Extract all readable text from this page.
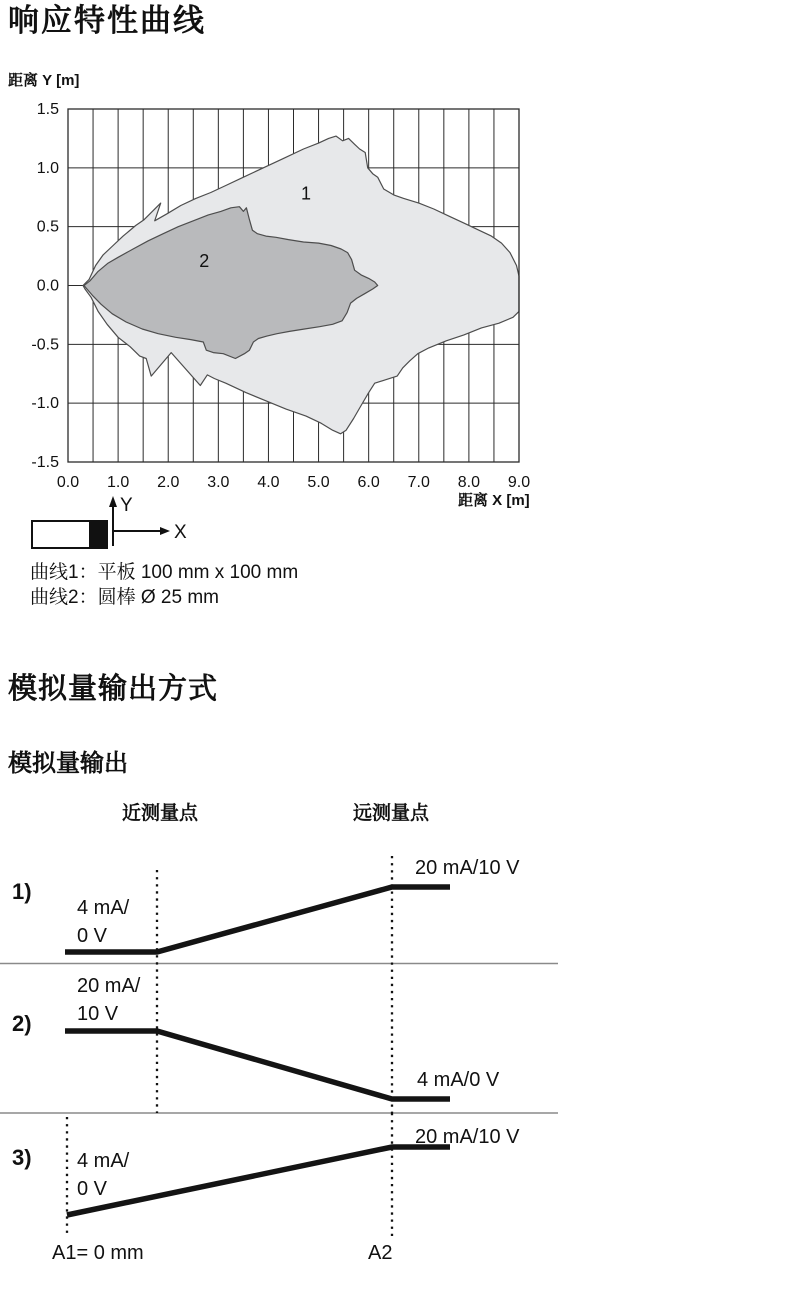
1
2
0.0 1.0 2.0 3.0 4.0 5.0 6.0 7.0 8.0 9.0
1.5
1.0
0.5
0.0
-0.5
-1.0
-1.5
距离 X [m]
Y
X
响应特性曲线
距离 Y [m]
曲线1：平板 100 mm x 100 mm
曲线2：圆棒 Ø 25 mm
模拟量输出方式
模拟量输出
近测量点	远测量点
1)
4 mA/
0 V
20 mA/10 V
2)
20 mA/
10 V
4 mA/0 V
3) 4 mA/
0 V
20 mA/10 V
A1= 0 mm	A2
